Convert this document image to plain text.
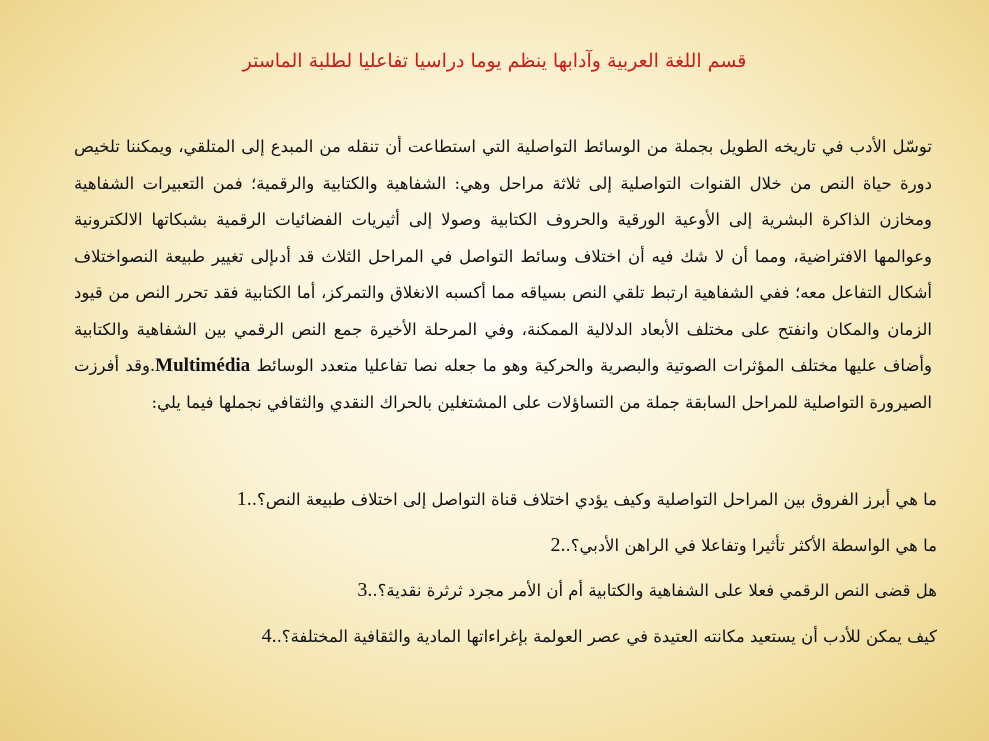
قسم اللغة العربية وآدابها ينظم يوما دراسيا تفاعليا لطلبة الماستر

توسّل الأدب في تاريخه الطويل بجملة من الوسائط التواصلية التي استطاعت أن تنقله من المبدع إلى المتلقي، ويمكننا تلخيص دورة حياة النص من خلال القنوات التواصلية إلى ثلاثة مراحل وهي: الشفاهية والكتابية والرقمية؛ فمن التعبيرات الشفاهية ومخازن الذاكرة البشرية إلى الأوعية الورقية والحروف الكتابية وصولا إلى أثيريات الفضائيات الرقمية بشبكاتها الالكترونية وعوالمها الافتراضية، ومما أن لا شك فيه أن اختلاف وسائط التواصل في المراحل الثلاث قد أدىإلى تغيير طبيعة النصواختلاف أشكال التفاعل معه؛ ففي الشفاهية ارتبط تلقي النص بسياقه مما أكسبه الانغلاق والتمركز، أما الكتابية فقد تحرر النص من قيود الزمان والمكان وانفتح على مختلف الأبعاد الدلالية الممكنة، وفي المرحلة الأخيرة جمع النص الرقمي بين الشفاهية والكتابية وأضاف عليها مختلف المؤثرات الصوتية والبصرية والحركية وهو ما جعله نصا تفاعليا متعدد الوسائط Multimédia.وقد أفرزت الصيرورة التواصلية للمراحل السابقة جملة من التساؤلات على المشتغلين بالحراك النقدي والثقافي نجملها فيما يلي:

ما هي أبرز الفروق بين المراحل التواصلية وكيف يؤدي اختلاف قناة التواصل إلى اختلاف طبيعة النص؟.
1.
ما هي الواسطة الأكثر تأثيرا وتفاعلا في الراهن الأدبي؟.
2.
هل قضى النص الرقمي فعلا على الشفاهية والكتابية أم أن الأمر مجرد ثرثرة نقدية؟.
3.
كيف يمكن للأدب أن يستعيد مكانته العتيدة في عصر العولمة بإغراءاتها المادية والثقافية المختلفة؟.
4.
